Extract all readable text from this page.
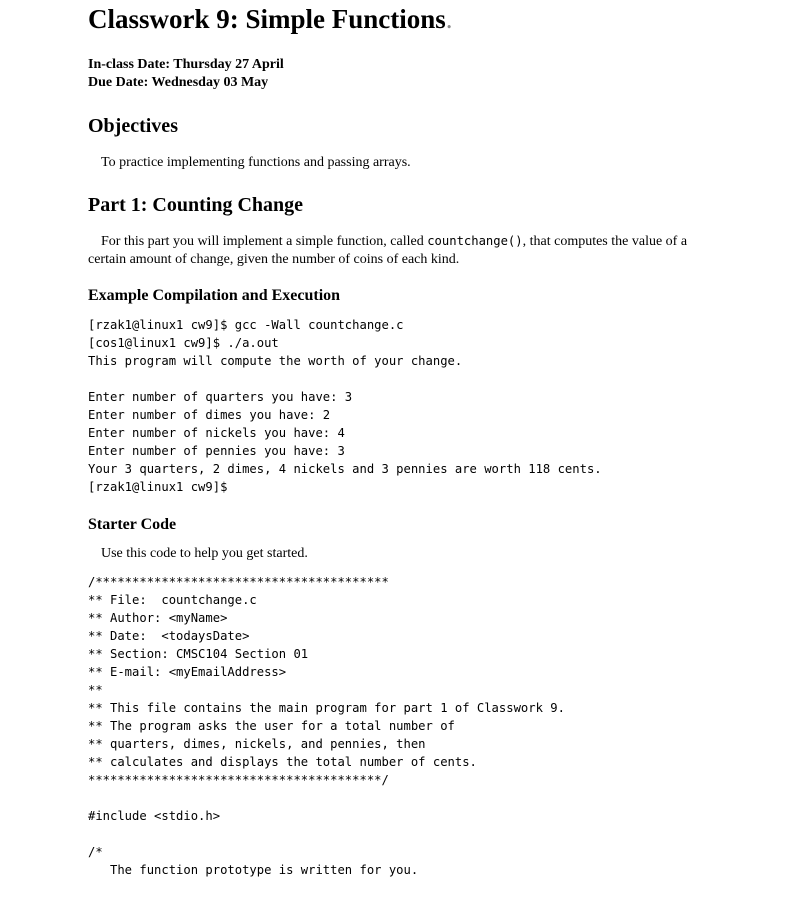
Classwork 9: Simple Functions.
In-class Date: Thursday 27 April
Due Date: Wednesday 03 May
Objectives
To practice implementing functions and passing arrays.
Part 1: Counting Change
For this part you will implement a simple function, called countchange(), that computes the value of a certain amount of change, given the number of coins of each kind.
Example Compilation and Execution
[rzak1@linux1 cw9]$ gcc -Wall countchange.c
[cos1@linux1 cw9]$ ./a.out
This program will compute the worth of your change.

Enter number of quarters you have: 3
Enter number of dimes you have: 2
Enter number of nickels you have: 4
Enter number of pennies you have: 3
Your 3 quarters, 2 dimes, 4 nickels and 3 pennies are worth 118 cents.
[rzak1@linux1 cw9]$
Starter Code
Use this code to help you get started.
/****************************************
** File:  countchange.c
** Author: <myName>
** Date:  <todaysDate>
** Section: CMSC104 Section 01
** E-mail: <myEmailAddress>
**
** This file contains the main program for part 1 of Classwork 9.
** The program asks the user for a total number of
** quarters, dimes, nickels, and pennies, then
** calculates and displays the total number of cents.
****************************************/

#include <stdio.h>

/*
The function prototype is written for you.
